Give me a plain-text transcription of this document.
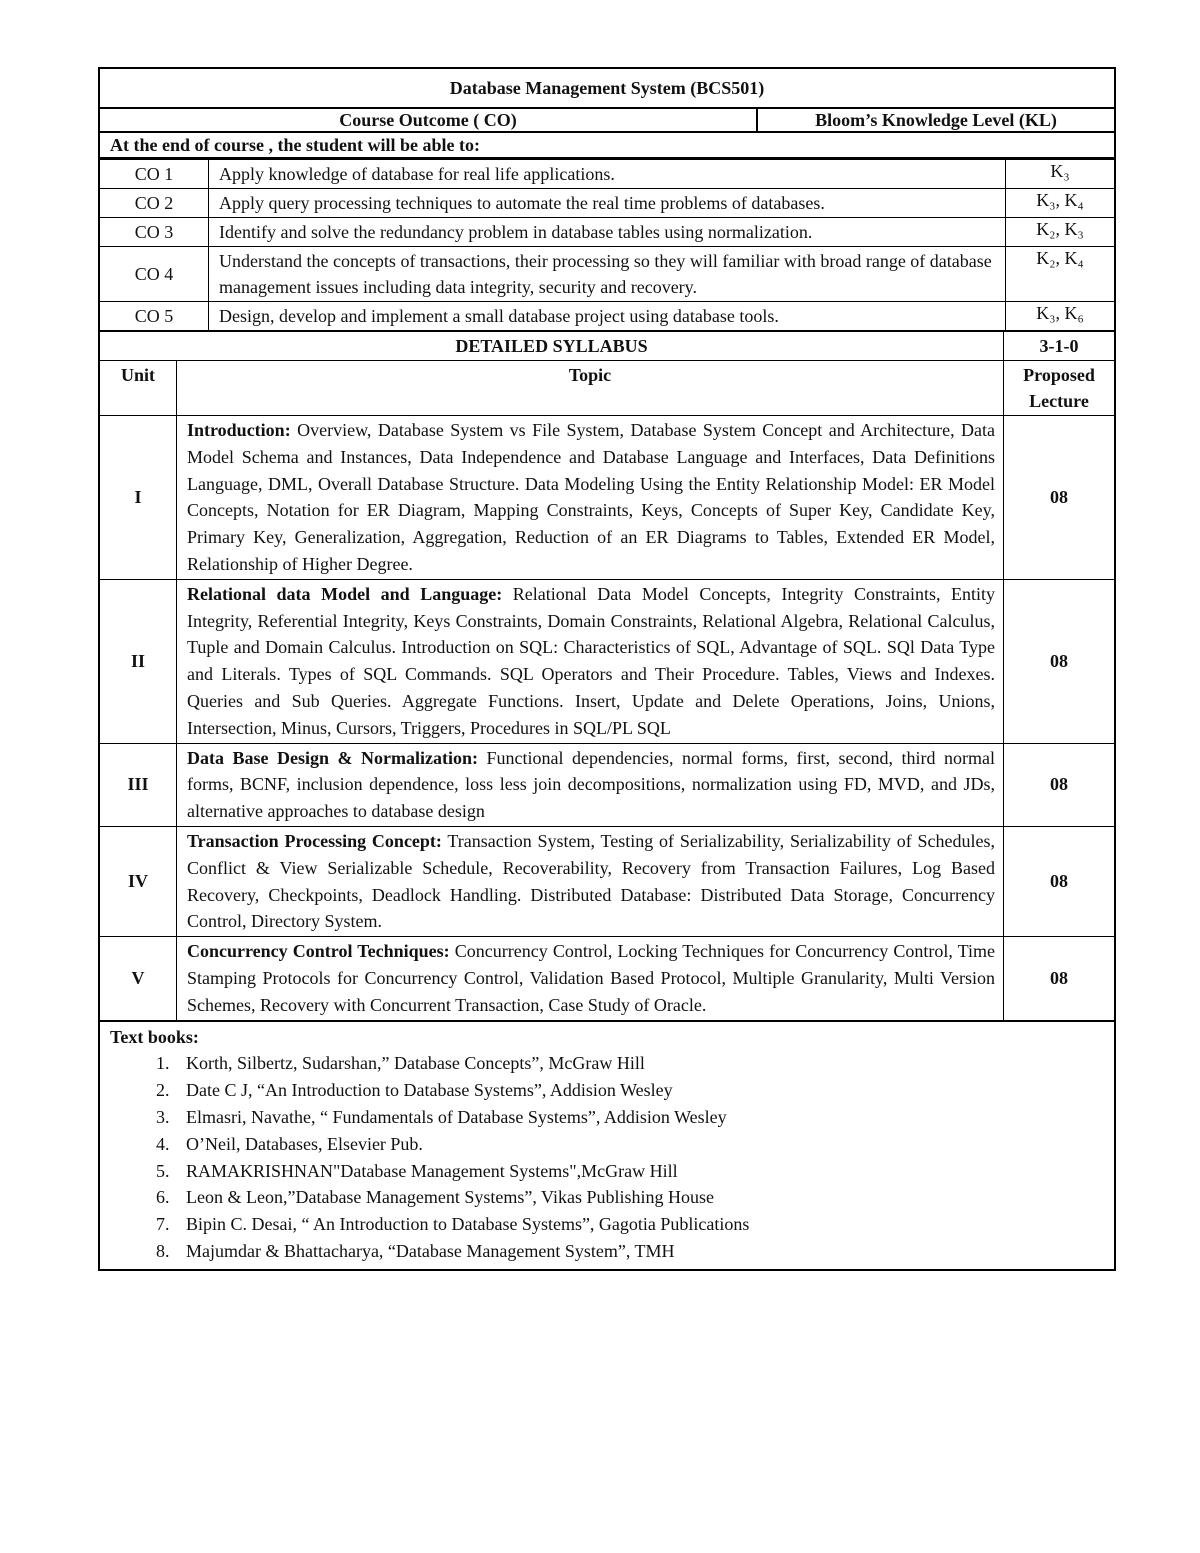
Database Management System (BCS501)
Course Outcome ( CO)	Bloom’s Knowledge Level (KL)
At the end of course , the student will be able to:
CO 1	Apply knowledge of database for real life applications.	K₃
CO 2	Apply query processing techniques to automate the real time problems of databases.	K₃, K₄
CO 3	Identify and solve the redundancy problem in database tables using normalization.	K₂, K₃
CO 4	Understand the concepts of transactions, their processing so they will familiar with broad range of database management issues including data integrity, security and recovery.	K₂, K₄
CO 5	Design, develop and implement a small database project using database tools.	K₃, K₆
DETAILED SYLLABUS		3-1-0
Unit	Topic	Proposed
Lecture
I	Introduction: Overview, Database System vs File System, Database System Concept and Architecture, Data Model Schema and Instances, Data Independence and Database Language and Interfaces, Data Definitions Language, DML, Overall Database Structure. Data Modeling Using the Entity Relationship Model: ER Model Concepts, Notation for ER Diagram, Mapping Constraints, Keys, Concepts of Super Key, Candidate Key, Primary Key, Generalization, Aggregation, Reduction of an ER Diagrams to Tables, Extended ER Model, Relationship of Higher Degree.	08
II	Relational data Model and Language: Relational Data Model Concepts, Integrity Constraints, Entity Integrity, Referential Integrity, Keys Constraints, Domain Constraints, Relational Algebra, Relational Calculus, Tuple and Domain Calculus. Introduction on SQL: Characteristics of SQL, Advantage of SQL. SQl Data Type and Literals. Types of SQL Commands. SQL Operators and Their Procedure. Tables, Views and Indexes. Queries and Sub Queries. Aggregate Functions. Insert, Update and Delete Operations, Joins, Unions, Intersection, Minus, Cursors, Triggers, Procedures in SQL/PL SQL	08
III	Data Base Design & Normalization: Functional dependencies, normal forms, first, second, third normal forms, BCNF, inclusion dependence, loss less join decompositions, normalization using FD, MVD, and JDs, alternative approaches to database design	08
IV	Transaction Processing Concept: Transaction System, Testing of Serializability, Serializability of Schedules, Conflict & View Serializable Schedule, Recoverability, Recovery from Transaction Failures, Log Based Recovery, Checkpoints, Deadlock Handling. Distributed Database: Distributed Data Storage, Concurrency Control, Directory System.	08
V	Concurrency Control Techniques: Concurrency Control, Locking Techniques for Concurrency Control, Time Stamping Protocols for Concurrency Control, Validation Based Protocol, Multiple Granularity, Multi Version Schemes, Recovery with Concurrent Transaction, Case Study of Oracle.	08
Text books:
1. Korth, Silbertz, Sudarshan,” Database Concepts”, McGraw Hill
2. Date C J, “An Introduction to Database Systems”, Addision Wesley
3. Elmasri, Navathe, “ Fundamentals of Database Systems”, Addision Wesley
4. O’Neil, Databases, Elsevier Pub.
5. RAMAKRISHNAN"Database Management Systems",McGraw Hill
6. Leon & Leon,”Database Management Systems”, Vikas Publishing House
7. Bipin C. Desai, “ An Introduction to Database Systems”, Gagotia Publications
8. Majumdar & Bhattacharya, “Database Management System”, TMH
